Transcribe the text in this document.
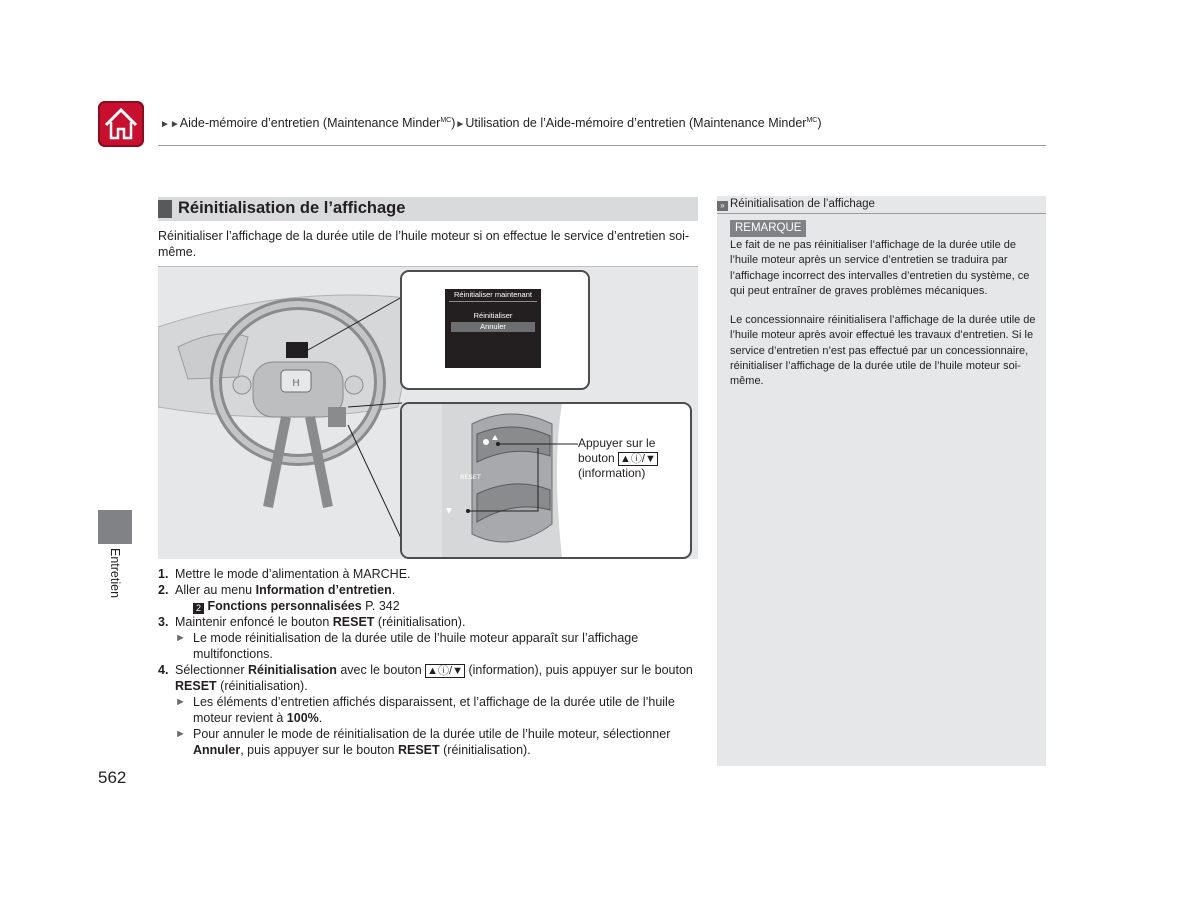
►►Aide-mémoire d’entretien (Maintenance Minder$^{MC}$)►Utilisation de l’Aide-mémoire d’entretien (Maintenance Minder$^{MC}$)
Entretien
Réinitialisation de l’affichage
Réinitialiser l’affichage de la durée utile de l’huile moteur si on effectue le service d’entretien soi-même.
H
Réinitialiser maintenant
Réinitialiser
Annuler
RESET
Appuyer sur le
bouton ▲ⓘ/▼
(information)
1. Mettre le mode d’alimentation à MARCHE.
2. Aller au menu Information d’entretien.
2 Fonctions personnalisées P. 342
3. Maintenir enfoncé le bouton RESET (réinitialisation).
► Le mode réinitialisation de la durée utile de l’huile moteur apparaît sur l’affichage multifonctions.
4. Sélectionner Réinitialisation avec le bouton ▲ⓘ/▼ (information), puis appuyer sur le bouton RESET (réinitialisation).
► Les éléments d’entretien affichés disparaissent, et l’affichage de la durée utile de l’huile moteur revient à 100%.
► Pour annuler le mode de réinitialisation de la durée utile de l’huile moteur, sélectionner Annuler, puis appuyer sur le bouton RESET (réinitialisation).
562
» Réinitialisation de l’affichage
REMARQUE
Le fait de ne pas réinitialiser l’affichage de la durée utile de l’huile moteur après un service d’entretien se traduira par l’affichage incorrect des intervalles d’entretien du système, ce qui peut entraîner de graves problèmes mécaniques.
Le concessionnaire réinitialisera l’affichage de la durée utile de l’huile moteur après avoir effectué les travaux d’entretien. Si le service d’entretien n’est pas effectué par un concessionnaire, réinitialiser l’affichage de la durée utile de l’huile moteur soi-même.
